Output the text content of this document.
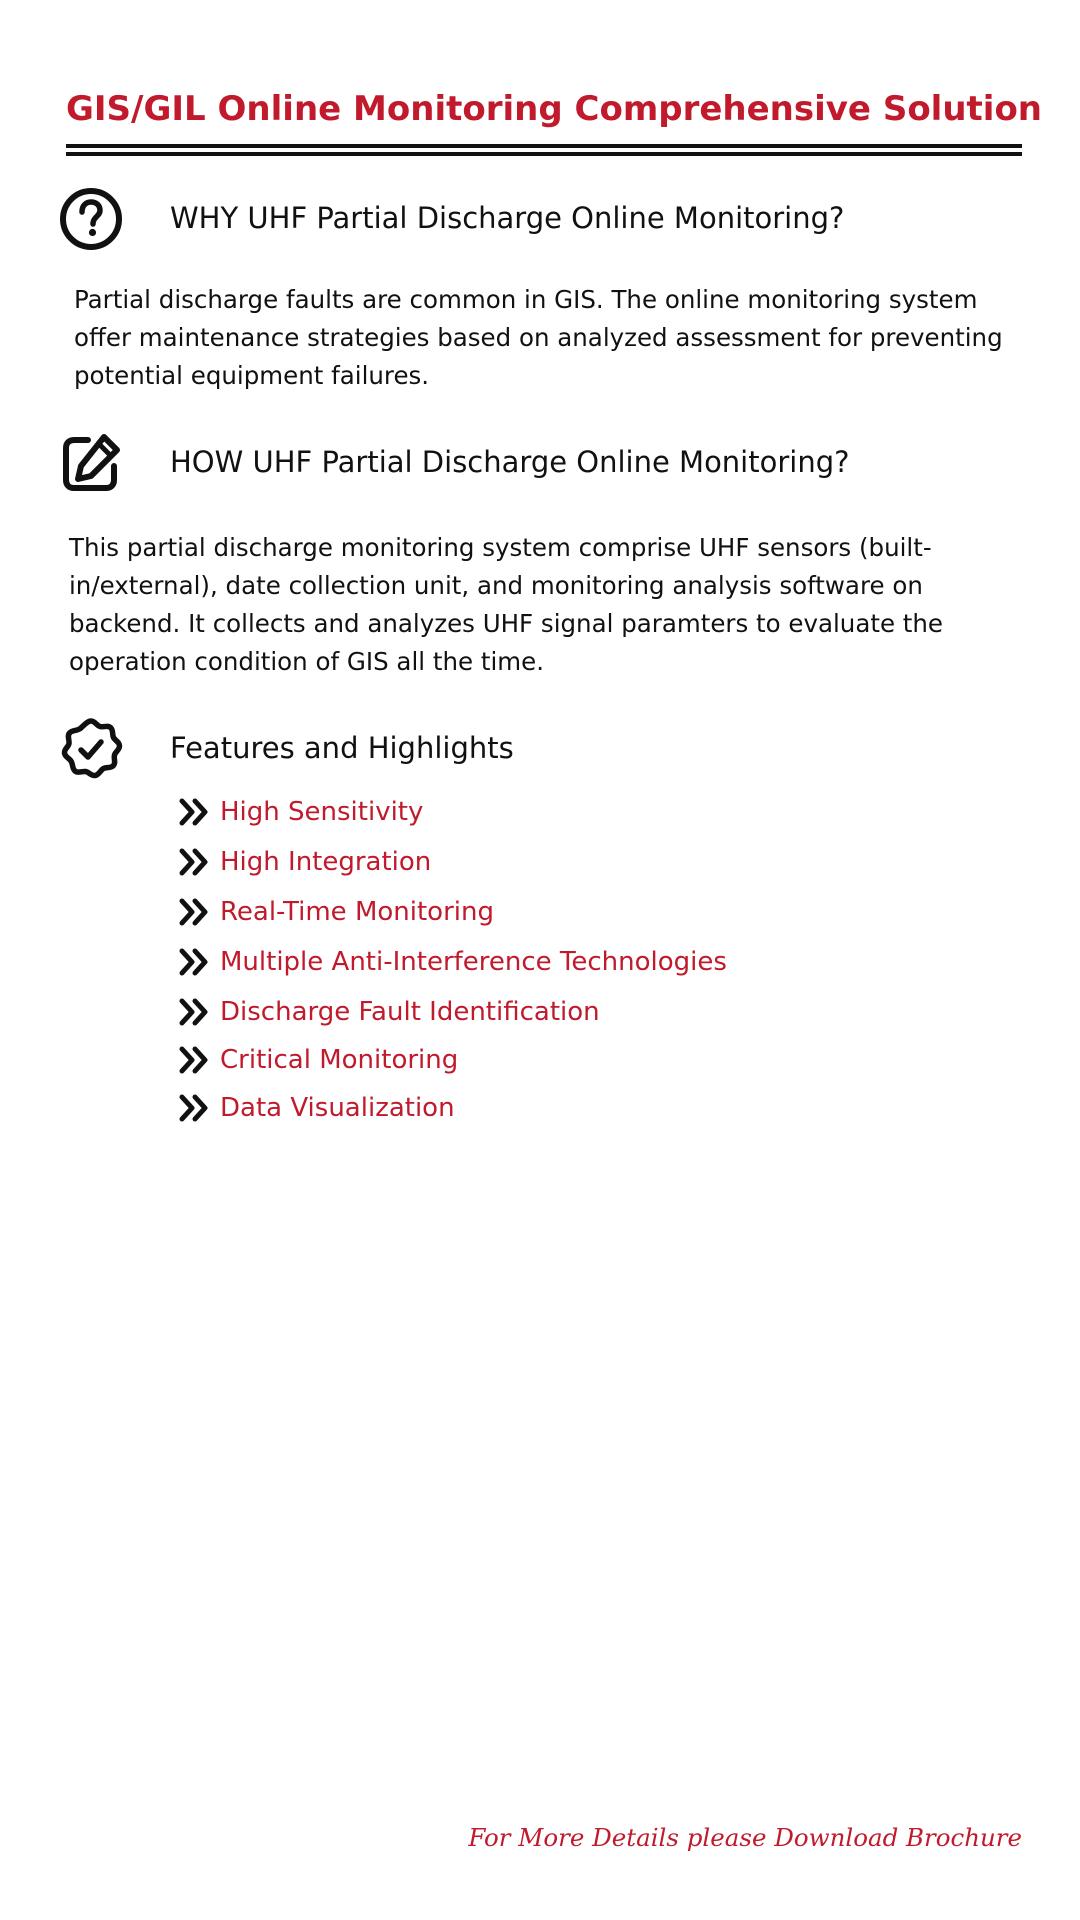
GIS/GIL Online Monitoring Comprehensive Solution
WHY UHF Partial Discharge Online Monitoring?
Partial discharge faults are common in GIS. The online monitoring system offer maintenance strategies based on analyzed assessment for preventing potential equipment failures.
HOW UHF Partial Discharge Online Monitoring?
This partial discharge monitoring system comprise UHF sensors (built-in/external), date collection unit, and monitoring analysis software on backend. It collects and analyzes UHF signal paramters to evaluate the operation condition of GIS all the time.
Features and Highlights
High Sensitivity
High Integration
Real-Time Monitoring
Multiple Anti-Interference Technologies
Discharge Fault Identification
Critical Monitoring
Data Visualization
For More Details please Download Brochure
